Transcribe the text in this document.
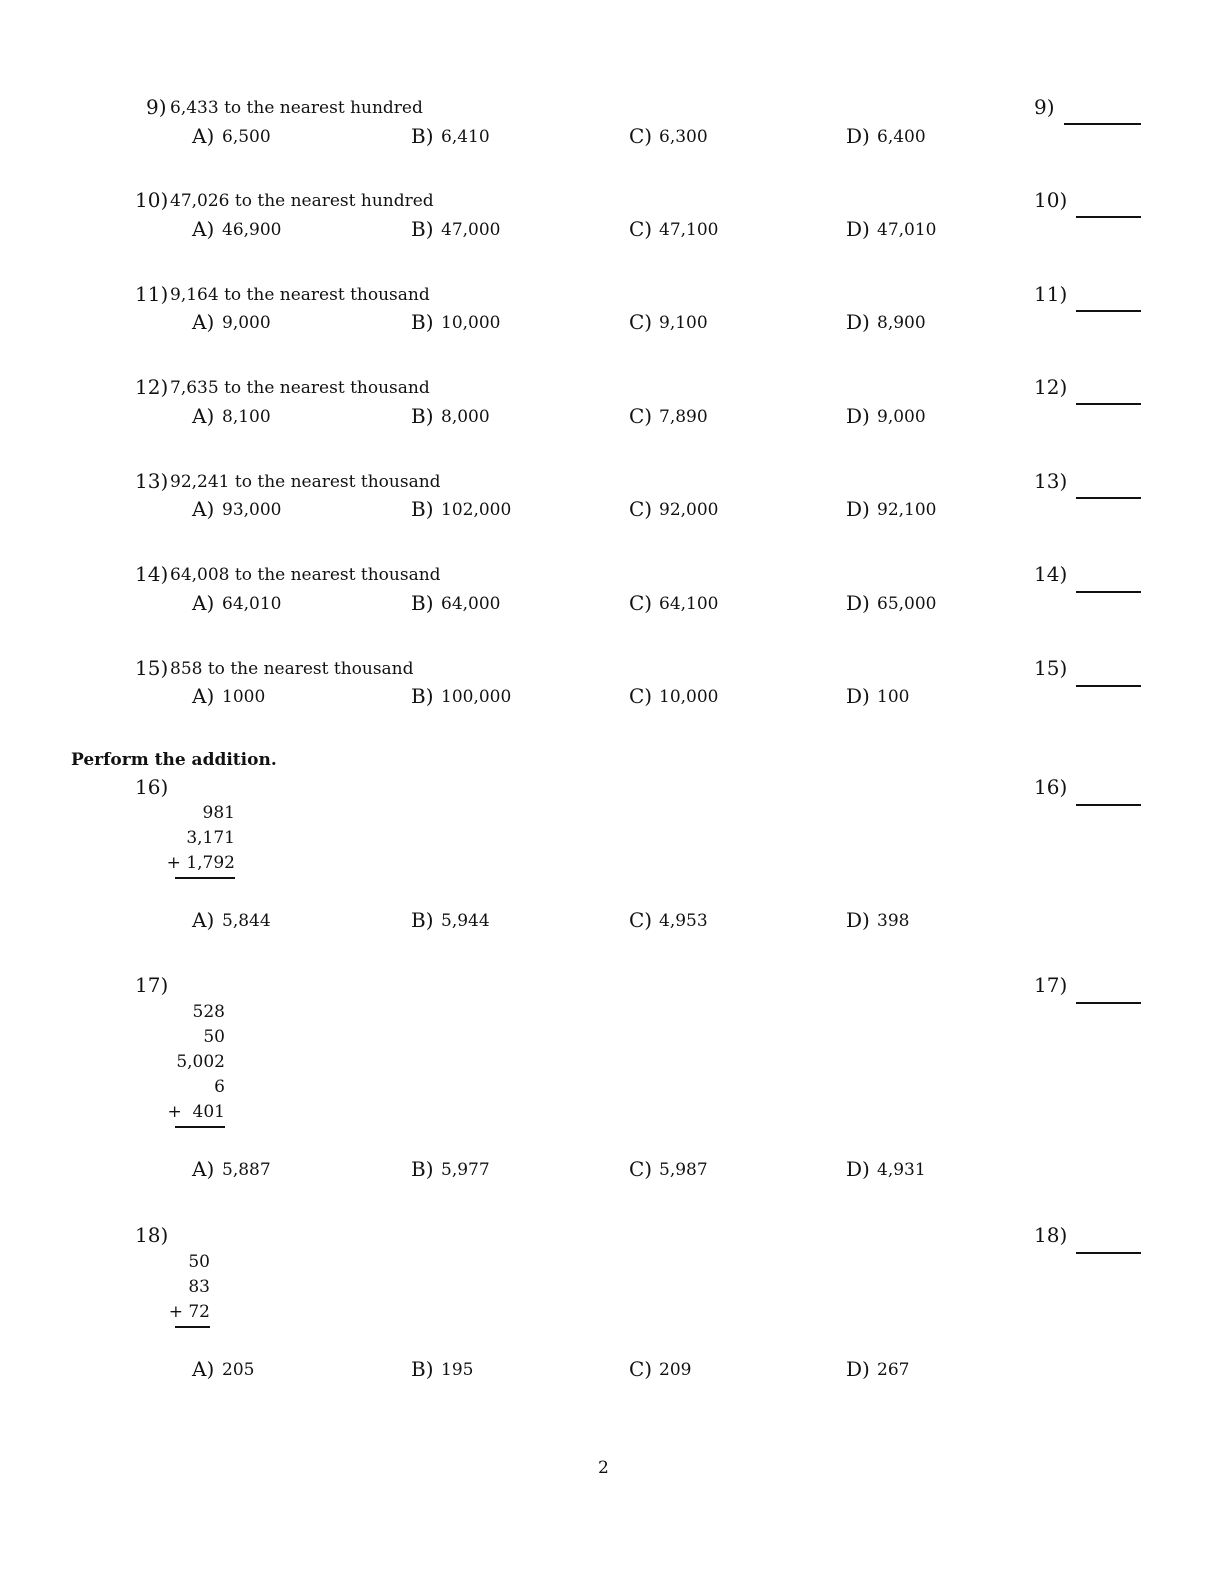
9) 6,433 to the nearest hundred
A) 6,500	B) 6,410	C) 6,300	D) 6,400
9)
10) 47,026 to the nearest hundred
A) 46,900	B) 47,000	C) 47,100	D) 47,010
10)
11) 9,164 to the nearest thousand
A) 9,000	B) 10,000	C) 9,100	D) 8,900
11)
12) 7,635 to the nearest thousand
A) 8,100	B) 8,000	C) 7,890	D) 9,000
12)
13) 92,241 to the nearest thousand
A) 93,000	B) 102,000	C) 92,000	D) 92,100
13)
14) 64,008 to the nearest thousand
A) 64,010	B) 64,000	C) 64,100	D) 65,000
14)
15) 858 to the nearest thousand
A) 1000	B) 100,000	C) 10,000	D) 100
15)
Perform the addition.
16)
981
3,171
+ 1,792
A) 5,844	B) 5,944	C) 4,953	D) 398
16)
17)
528
50
5,002
6
+  401
A) 5,887	B) 5,977	C) 5,987	D) 4,931
17)
18)
50
83
+ 72
A) 205	B) 195	C) 209	D) 267
18)
2
